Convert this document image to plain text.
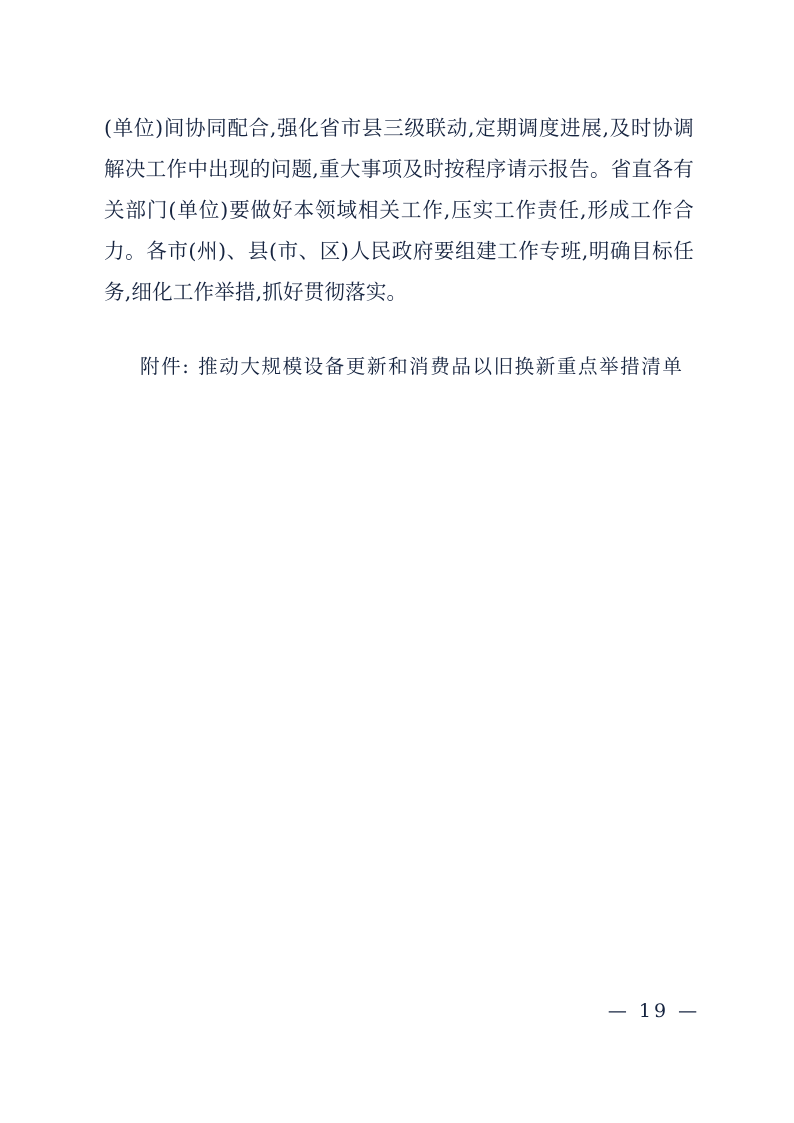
(单位)间协同配合,强化省市县三级联动,定期调度进展,及时协调解决工作中出现的问题,重大事项及时按程序请示报告。省直各有关部门(单位)要做好本领域相关工作,压实工作责任,形成工作合力。各市(州)、县(市、区)人民政府要组建工作专班,明确目标任务,细化工作举措,抓好贯彻落实。

附件: 推动大规模设备更新和消费品以旧换新重点举措清单

— 19 —
